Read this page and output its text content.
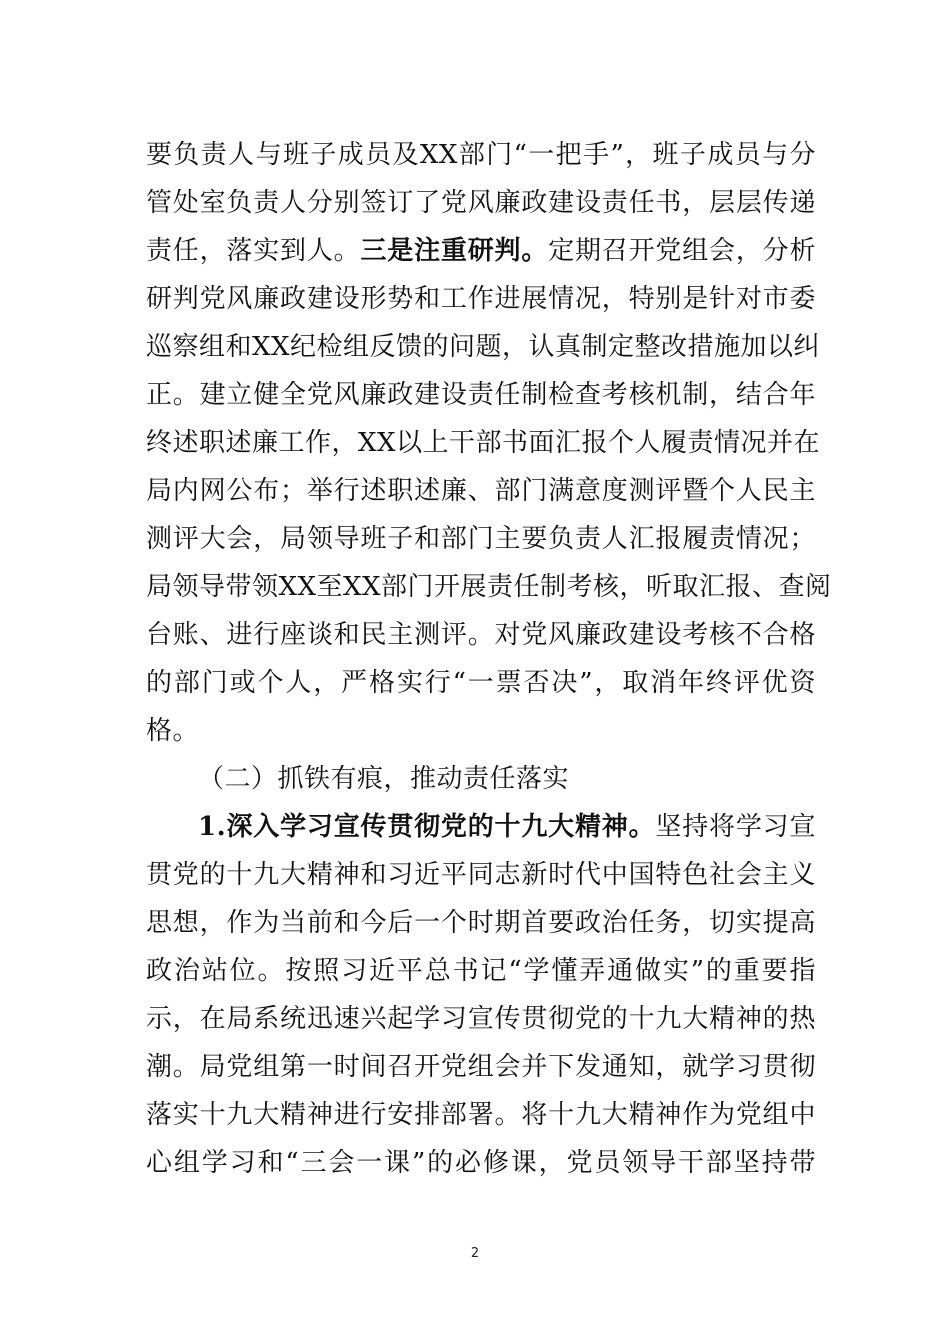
要负责人与班子成员及XX部门“一把手”，班子成员与分
管处室负责人分别签订了党风廉政建设责任书，层层传递
责任，落实到人。三是注重研判。定期召开党组会，分析
研判党风廉政建设形势和工作进展情况，特别是针对市委
巡察组和XX纪检组反馈的问题，认真制定整改措施加以纠
正。建立健全党风廉政建设责任制检查考核机制，结合年
终述职述廉工作，XX以上干部书面汇报个人履责情况并在
局内网公布；举行述职述廉、部门满意度测评暨个人民主
测评大会，局领导班子和部门主要负责人汇报履责情况；
局领导带领XX至XX部门开展责任制考核，听取汇报、查阅
台账、进行座谈和民主测评。对党风廉政建设考核不合格
的部门或个人，严格实行“一票否决”，取消年终评优资
格。
（二）抓铁有痕，推动责任落实
1.深入学习宣传贯彻党的十九大精神。坚持将学习宣
贯党的十九大精神和习近平同志新时代中国特色社会主义
思想，作为当前和今后一个时期首要政治任务，切实提高
政治站位。按照习近平总书记“学懂弄通做实”的重要指
示，在局系统迅速兴起学习宣传贯彻党的十九大精神的热
潮。局党组第一时间召开党组会并下发通知，就学习贯彻
落实十九大精神进行安排部署。将十九大精神作为党组中
心组学习和“三会一课”的必修课，党员领导干部坚持带
2
